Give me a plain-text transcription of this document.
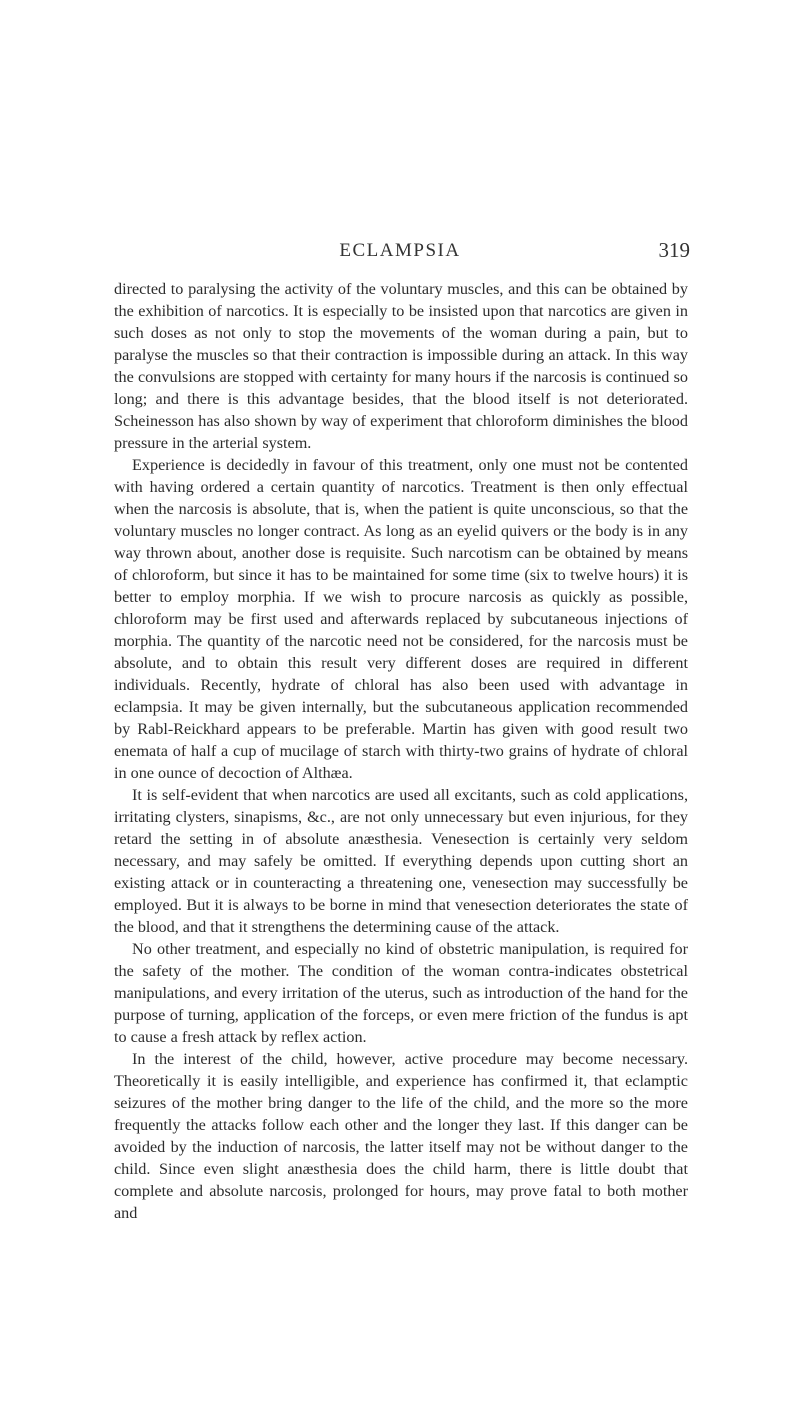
ECLAMPSIA	319

directed to paralysing the activity of the voluntary muscles, and this can be obtained by the exhibition of narcotics. It is especially to be insisted upon that narcotics are given in such doses as not only to stop the movements of the woman during a pain, but to paralyse the muscles so that their contraction is impossible during an attack. In this way the convulsions are stopped with certainty for many hours if the narcosis is continued so long; and there is this advantage besides, that the blood itself is not deteriorated. Scheinesson has also shown by way of experiment that chloroform diminishes the blood pressure in the arterial system.

Experience is decidedly in favour of this treatment, only one must not be contented with having ordered a certain quantity of narcotics. Treatment is then only effectual when the narcosis is absolute, that is, when the patient is quite unconscious, so that the voluntary muscles no longer contract. As long as an eyelid quivers or the body is in any way thrown about, another dose is requisite. Such narcotism can be obtained by means of chloroform, but since it has to be maintained for some time (six to twelve hours) it is better to employ morphia. If we wish to procure narcosis as quickly as possible, chloroform may be first used and afterwards replaced by subcutaneous injections of morphia. The quantity of the narcotic need not be considered, for the narcosis must be absolute, and to obtain this result very different doses are required in different individuals. Recently, hydrate of chloral has also been used with advantage in eclampsia. It may be given internally, but the subcutaneous application recommended by Rabl-Reickhard appears to be preferable. Martin has given with good result two enemata of half a cup of mucilage of starch with thirty-two grains of hydrate of chloral in one ounce of decoction of Althæa.

It is self-evident that when narcotics are used all excitants, such as cold applications, irritating clysters, sinapisms, &c., are not only unnecessary but even injurious, for they retard the setting in of absolute anæsthesia. Venesection is certainly very seldom necessary, and may safely be omitted. If everything depends upon cutting short an existing attack or in counteracting a threatening one, venesection may successfully be employed. But it is always to be borne in mind that venesection deteriorates the state of the blood, and that it strengthens the determining cause of the attack.

No other treatment, and especially no kind of obstetric manipulation, is required for the safety of the mother. The condition of the woman contra-indicates obstetrical manipulations, and every irritation of the uterus, such as introduction of the hand for the purpose of turning, application of the forceps, or even mere friction of the fundus is apt to cause a fresh attack by reflex action.

In the interest of the child, however, active procedure may become necessary. Theoretically it is easily intelligible, and experience has confirmed it, that eclamptic seizures of the mother bring danger to the life of the child, and the more so the more frequently the attacks follow each other and the longer they last. If this danger can be avoided by the induction of narcosis, the latter itself may not be without danger to the child. Since even slight anæsthesia does the child harm, there is little doubt that complete and absolute narcosis, prolonged for hours, may prove fatal to both mother and
